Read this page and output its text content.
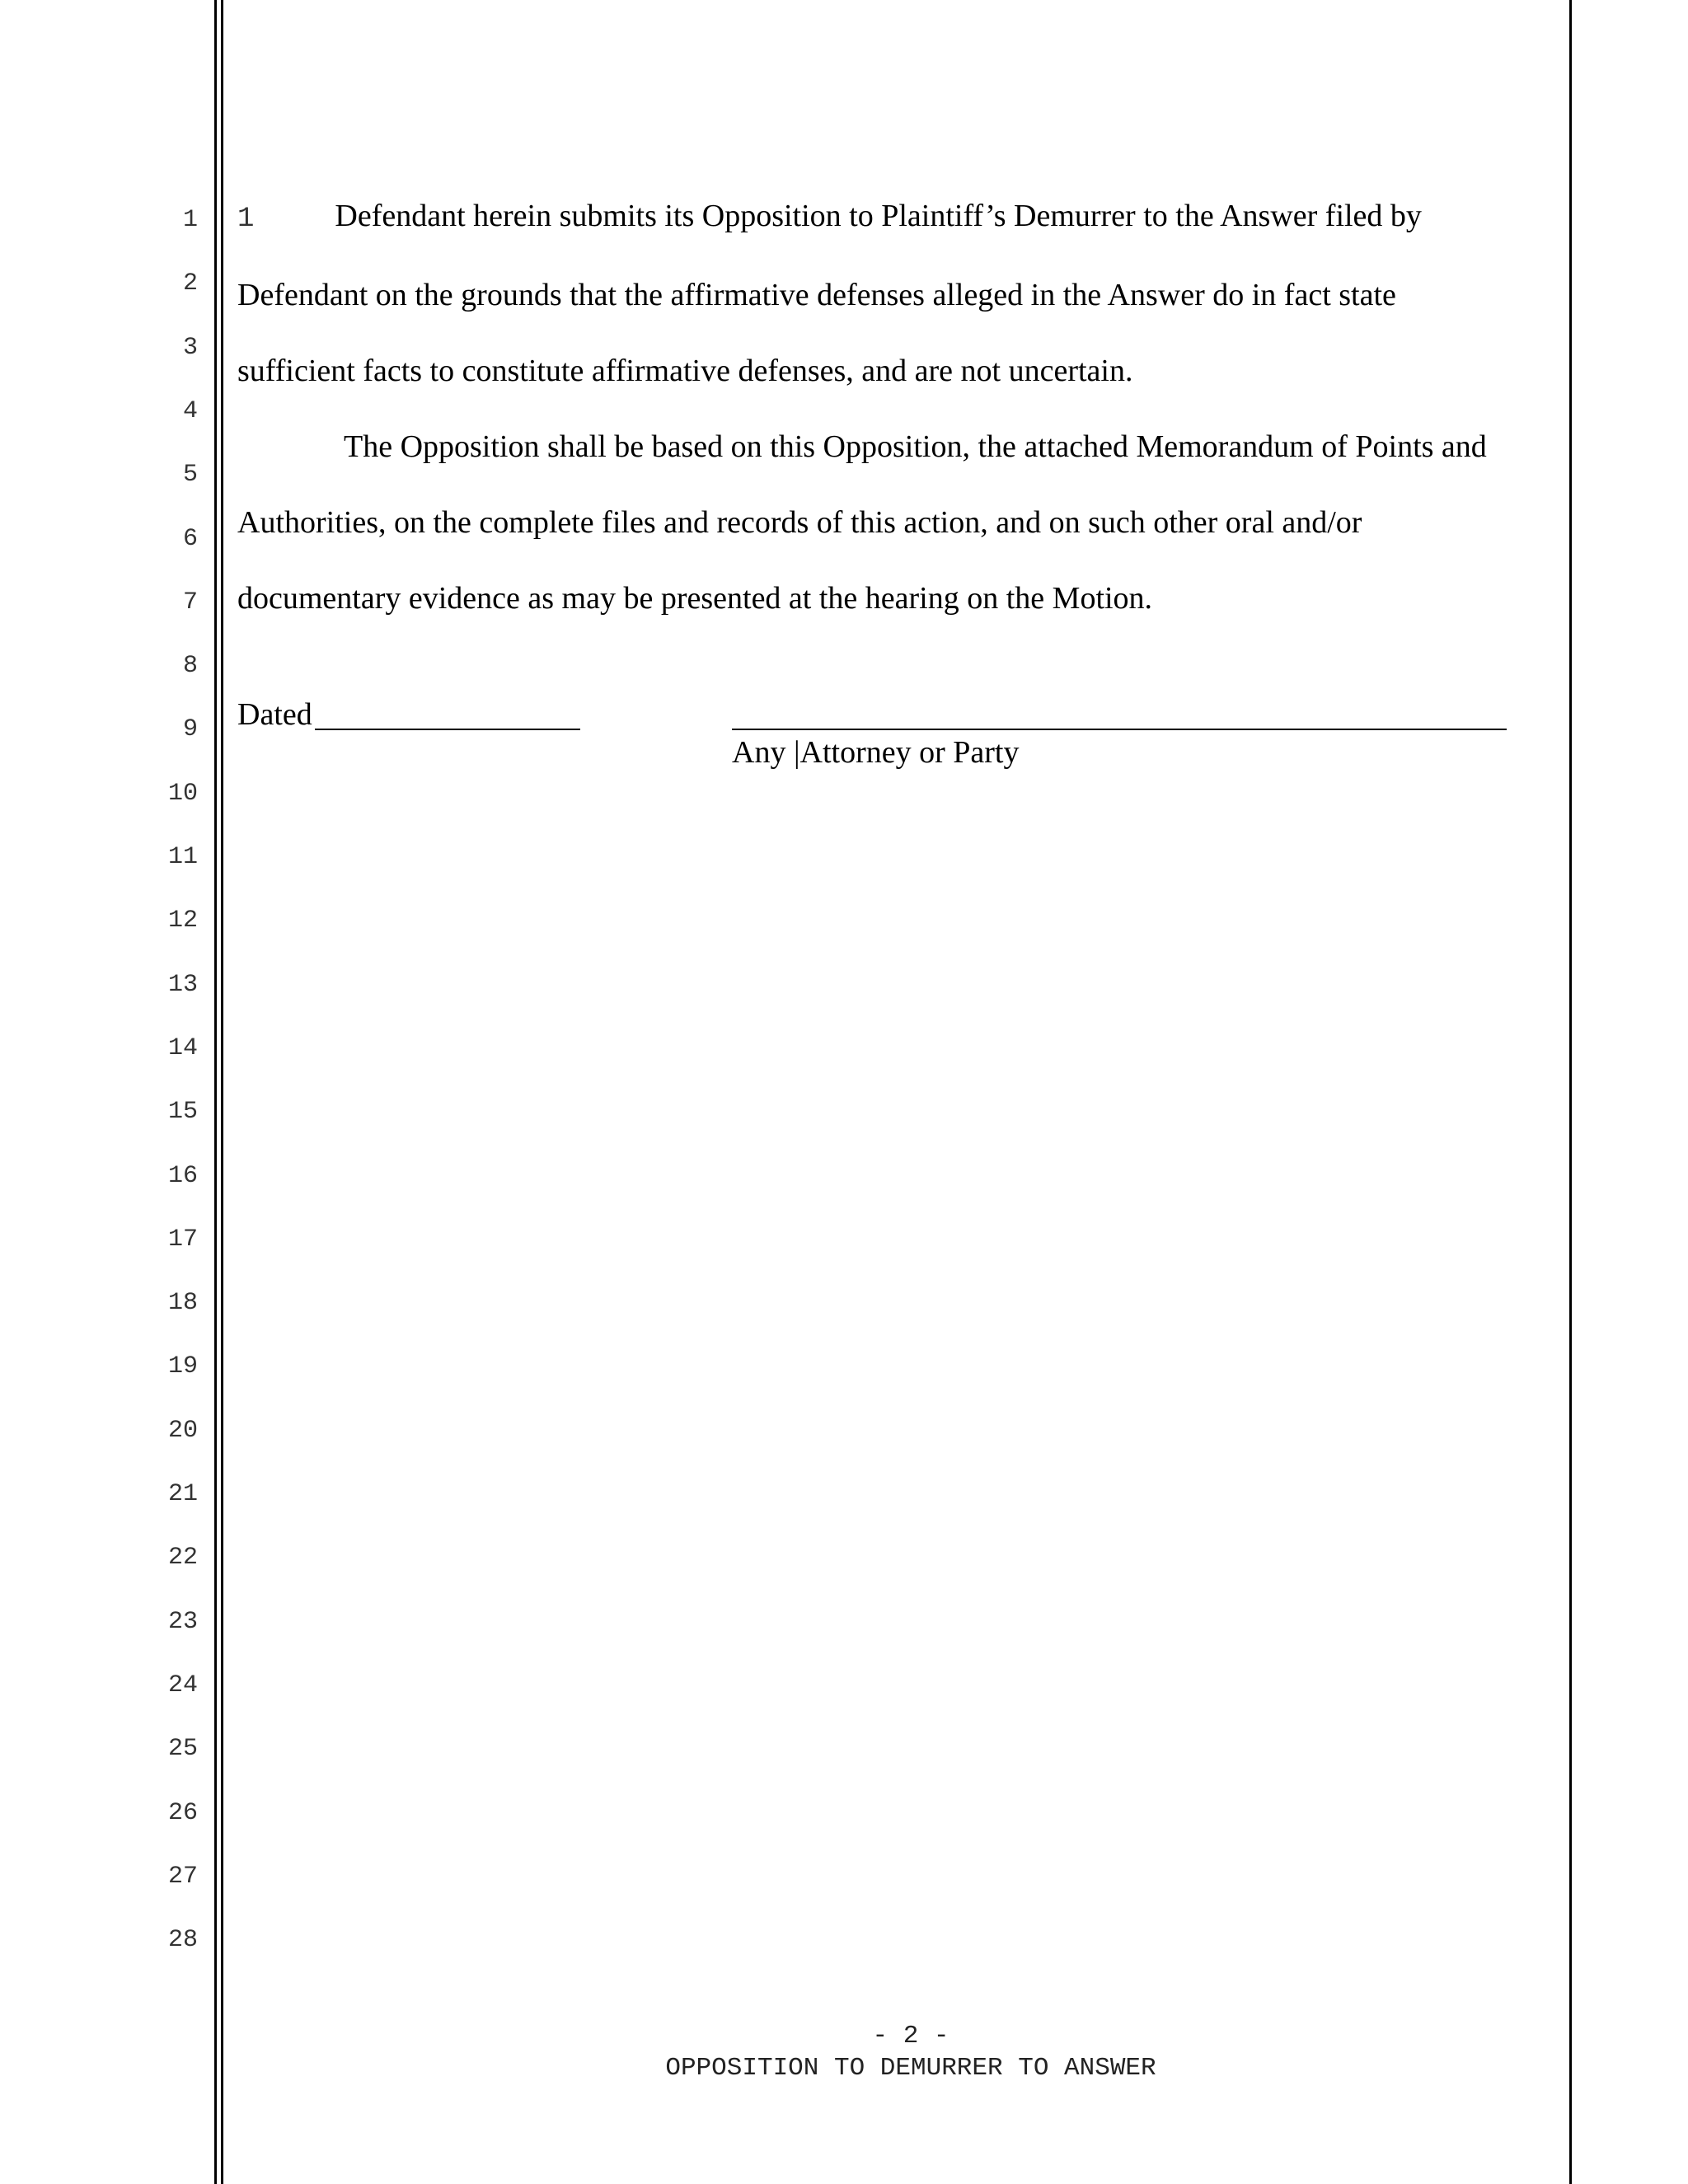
1
2
3
4
5
6
7
8
9
10
11
12
13
14
15
16
17
18
19
20
21
22
23
24
25
26
27
28
1	Defendant herein submits its Opposition to Plaintiff’s Demurrer to the Answer filed by
Defendant on the grounds that the affirmative defenses alleged in the Answer do in fact state
sufficient facts to constitute affirmative defenses, and are not uncertain.
The Opposition shall be based on this Opposition, the attached Memorandum of Points and
Authorities, on the complete files and records of this action, and on such other oral and/or
documentary evidence as may be presented at the hearing on the Motion.
Dated
Any |Attorney or Party
- 2 -
OPPOSITION TO DEMURRER TO ANSWER
